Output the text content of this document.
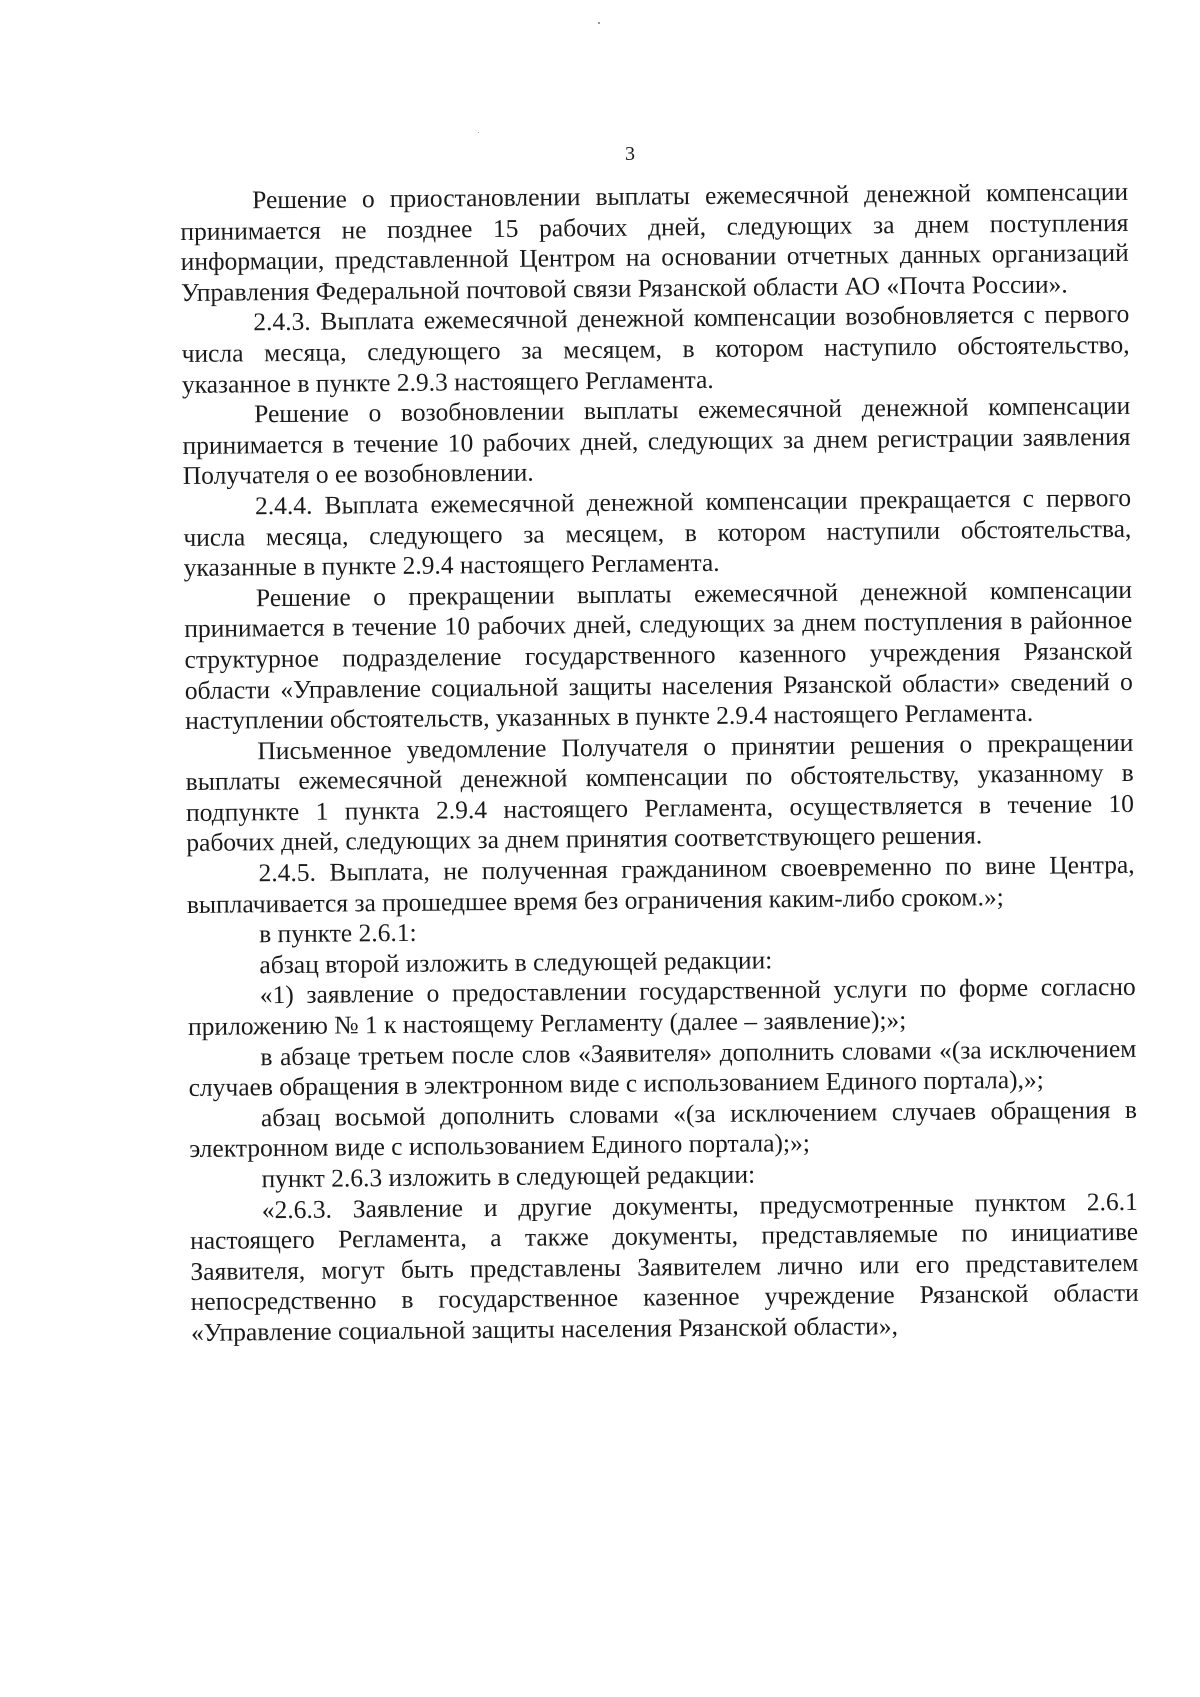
3

Решение о приостановлении выплаты ежемесячной денежной компенсации принимается не позднее 15 рабочих дней, следующих за днем поступления информации, представленной Центром на основании отчетных данных организаций Управления Федеральной почтовой связи Рязанской области АО «Почта России».

2.4.3. Выплата ежемесячной денежной компенсации возобновляется с первого числа месяца, следующего за месяцем, в котором наступило обстоятельство, указанное в пункте 2.9.3 настоящего Регламента.

Решение о возобновлении выплаты ежемесячной денежной компенсации принимается в течение 10 рабочих дней, следующих за днем регистрации заявления Получателя о ее возобновлении.

2.4.4. Выплата ежемесячной денежной компенсации прекращается с первого числа месяца, следующего за месяцем, в котором наступили обстоятельства, указанные в пункте 2.9.4 настоящего Регламента.

Решение о прекращении выплаты ежемесячной денежной компенсации принимается в течение 10 рабочих дней, следующих за днем поступления в районное структурное подразделение государственного казенного учреждения Рязанской области «Управление социальной защиты населения Рязанской области» сведений о наступлении обстоятельств, указанных в пункте 2.9.4 настоящего Регламента.

Письменное уведомление Получателя о принятии решения о прекращении выплаты ежемесячной денежной компенсации по обстоятельству, указанному в подпункте 1 пункта 2.9.4 настоящего Регламента, осуществляется в течение 10 рабочих дней, следующих за днем принятия соответствующего решения.

2.4.5. Выплата, не полученная гражданином своевременно по вине Центра, выплачивается за прошедшее время без ограничения каким-либо сроком.»;

в пункте 2.6.1:

абзац второй изложить в следующей редакции:

«1) заявление о предоставлении государственной услуги по форме согласно приложению № 1 к настоящему Регламенту (далее – заявление);»;

в абзаце третьем после слов «Заявителя» дополнить словами «(за исключением случаев обращения в электронном виде с использованием Единого портала),»;

абзац восьмой дополнить словами «(за исключением случаев обращения в электронном виде с использованием Единого портала);»;

пункт 2.6.3 изложить в следующей редакции:

«2.6.3. Заявление и другие документы, предусмотренные пунктом 2.6.1 настоящего Регламента, а также документы, представляемые по инициативе Заявителя, могут быть представлены Заявителем лично или его представителем непосредственно в государственное казенное учреждение Рязанской области «Управление социальной защиты населения Рязанской области»,
